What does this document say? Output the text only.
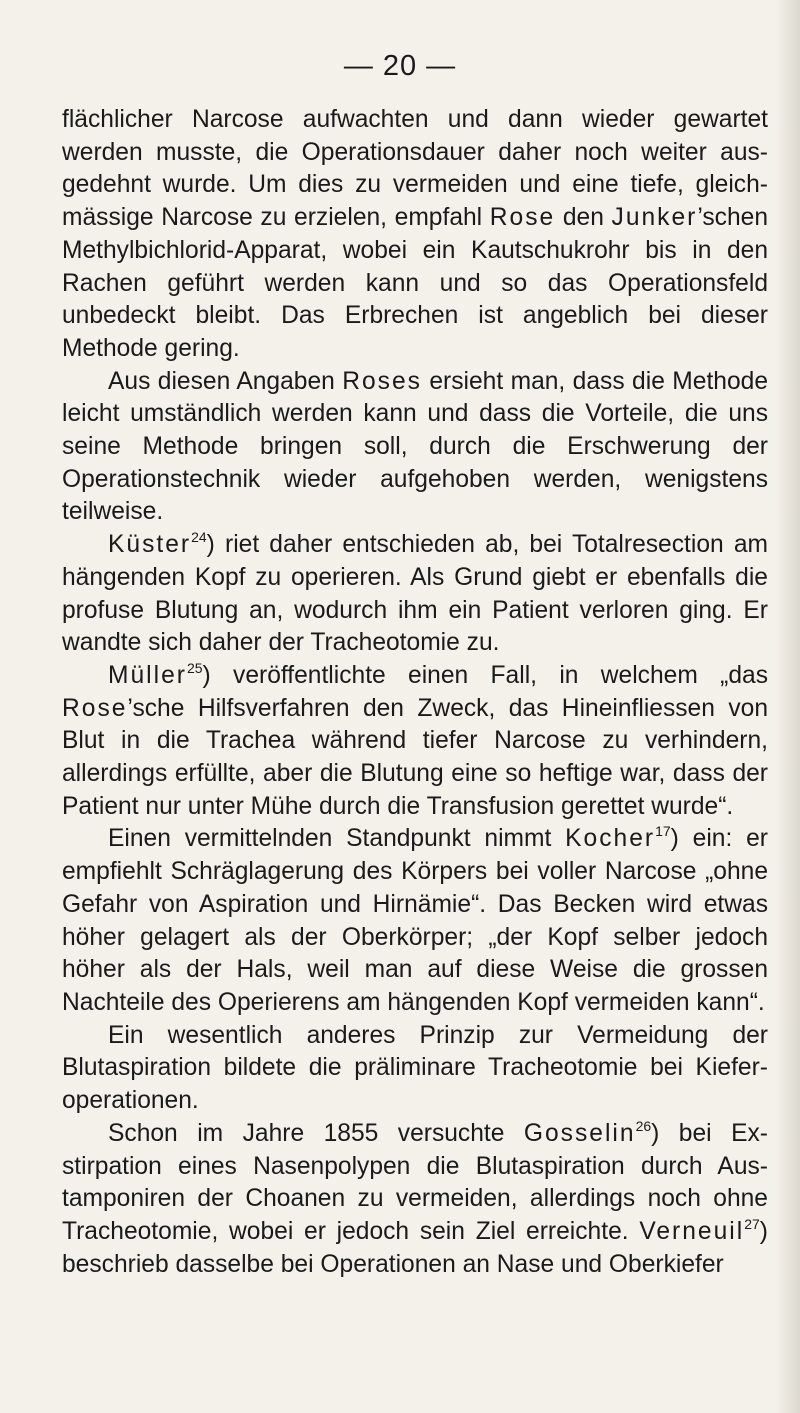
— 20 —

flächlicher Narcose aufwachten und dann wieder gewartet werden musste, die Operationsdauer daher noch weiter ausgedehnt wurde. Um dies zu vermeiden und eine tiefe, gleichmässige Narcose zu erzielen, empfahl Rose den Junker’schen Methylbichlorid-Apparat, wobei ein Kautschukrohr bis in den Rachen geführt werden kann und so das Operationsfeld unbedeckt bleibt. Das Erbrechen ist angeblich bei dieser Methode gering.

Aus diesen Angaben Roses ersieht man, dass die Methode leicht umständlich werden kann und dass die Vorteile, die uns seine Methode bringen soll, durch die Erschwerung der Operationstechnik wieder aufgehoben werden, wenigstens teilweise.

Küster$^{24}$) riet daher entschieden ab, bei Totalresection am hängenden Kopf zu operieren. Als Grund giebt er ebenfalls die profuse Blutung an, wodurch ihm ein Patient verloren ging. Er wandte sich daher der Tracheotomie zu.

Müller$^{25}$) veröffentlichte einen Fall, in welchem „das Rose’sche Hilfsverfahren den Zweck, das Hineinfliessen von Blut in die Trachea während tiefer Narcose zu verhindern, allerdings erfüllte, aber die Blutung eine so heftige war, dass der Patient nur unter Mühe durch die Transfusion gerettet wurde“.

Einen vermittelnden Standpunkt nimmt Kocher$^{17}$) ein: er empfiehlt Schräglagerung des Körpers bei voller Narcose „ohne Gefahr von Aspiration und Hirnämie“. Das Becken wird etwas höher gelagert als der Oberkörper; „der Kopf selber jedoch höher als der Hals, weil man auf diese Weise die grossen Nachteile des Operierens am hängenden Kopf vermeiden kann“.

Ein wesentlich anderes Prinzip zur Vermeidung der Blutaspiration bildete die präliminare Tracheotomie bei Kieferoperationen.

Schon im Jahre 1855 versuchte Gosselin$^{26}$) bei Exstirpation eines Nasenpolypen die Blutaspiration durch Austamponiren der Choanen zu vermeiden, allerdings noch ohne Tracheotomie, wobei er jedoch sein Ziel erreichte. Verneuil$^{27}$) beschrieb dasselbe bei Operationen an Nase und Oberkiefer
